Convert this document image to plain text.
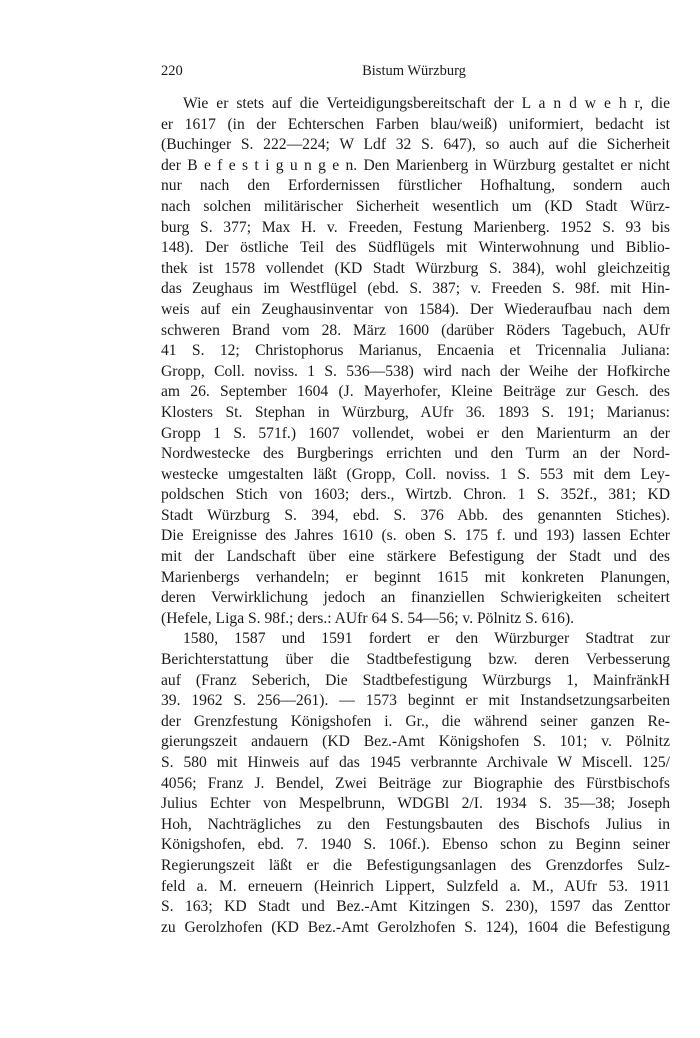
220	Bistum Würzburg
Wie er stets auf die Verteidigungsbereitschaft der L a n d w e h r, die
er 1617 (in der Echterschen Farben blau/weiß) uniformiert, bedacht ist
(Buchinger S. 222—224; W Ldf 32 S. 647), so auch auf die Sicherheit
der B e f e s t i g u n g e n. Den Marienberg in Würzburg gestaltet er nicht
nur nach den Erfordernissen fürstlicher Hofhaltung, sondern auch
nach solchen militärischer Sicherheit wesentlich um (KD Stadt Würz-
burg S. 377; Max H. v. Freeden, Festung Marienberg. 1952 S. 93 bis
148). Der östliche Teil des Südflügels mit Winterwohnung und Biblio-
thek ist 1578 vollendet (KD Stadt Würzburg S. 384), wohl gleichzeitig
das Zeughaus im Westflügel (ebd. S. 387; v. Freeden S. 98f. mit Hin-
weis auf ein Zeughausinventar von 1584). Der Wiederaufbau nach dem
schweren Brand vom 28. März 1600 (darüber Röders Tagebuch, AUfr
41 S. 12; Christophorus Marianus, Encaenia et Tricennalia Juliana:
Gropp, Coll. noviss. 1 S. 536—538) wird nach der Weihe der Hofkirche
am 26. September 1604 (J. Mayerhofer, Kleine Beiträge zur Gesch. des
Klosters St. Stephan in Würzburg, AUfr 36. 1893 S. 191; Marianus:
Gropp 1 S. 571f.) 1607 vollendet, wobei er den Marienturm an der
Nordwestecke des Burgberings errichten und den Turm an der Nord-
westecke umgestalten läßt (Gropp, Coll. noviss. 1 S. 553 mit dem Ley-
poldschen Stich von 1603; ders., Wirtzb. Chron. 1 S. 352f., 381; KD
Stadt Würzburg S. 394, ebd. S. 376 Abb. des genannten Stiches).
Die Ereignisse des Jahres 1610 (s. oben S. 175 f. und 193) lassen Echter
mit der Landschaft über eine stärkere Befestigung der Stadt und des
Marienbergs verhandeln; er beginnt 1615 mit konkreten Planungen,
deren Verwirklichung jedoch an finanziellen Schwierigkeiten scheitert
(Hefele, Liga S. 98f.; ders.: AUfr 64 S. 54—56; v. Pölnitz S. 616).
1580, 1587 und 1591 fordert er den Würzburger Stadtrat zur
Berichterstattung über die Stadtbefestigung bzw. deren Verbesserung
auf (Franz Seberich, Die Stadtbefestigung Würzburgs 1, MainfränkH
39. 1962 S. 256—261). — 1573 beginnt er mit Instandsetzungsarbeiten
der Grenzfestung Königshofen i. Gr., die während seiner ganzen Re-
gierungszeit andauern (KD Bez.-Amt Königshofen S. 101; v. Pölnitz
S. 580 mit Hinweis auf das 1945 verbrannte Archivale W Miscell. 125/
4056; Franz J. Bendel, Zwei Beiträge zur Biographie des Fürstbischofs
Julius Echter von Mespelbrunn, WDGBl 2/I. 1934 S. 35—38; Joseph
Hoh, Nachträgliches zu den Festungsbauten des Bischofs Julius in
Königshofen, ebd. 7. 1940 S. 106f.). Ebenso schon zu Beginn seiner
Regierungszeit läßt er die Befestigungsanlagen des Grenzdorfes Sulz-
feld a. M. erneuern (Heinrich Lippert, Sulzfeld a. M., AUfr 53. 1911
S. 163; KD Stadt und Bez.-Amt Kitzingen S. 230), 1597 das Zenttor
zu Gerolzhofen (KD Bez.-Amt Gerolzhofen S. 124), 1604 die Befestigung
